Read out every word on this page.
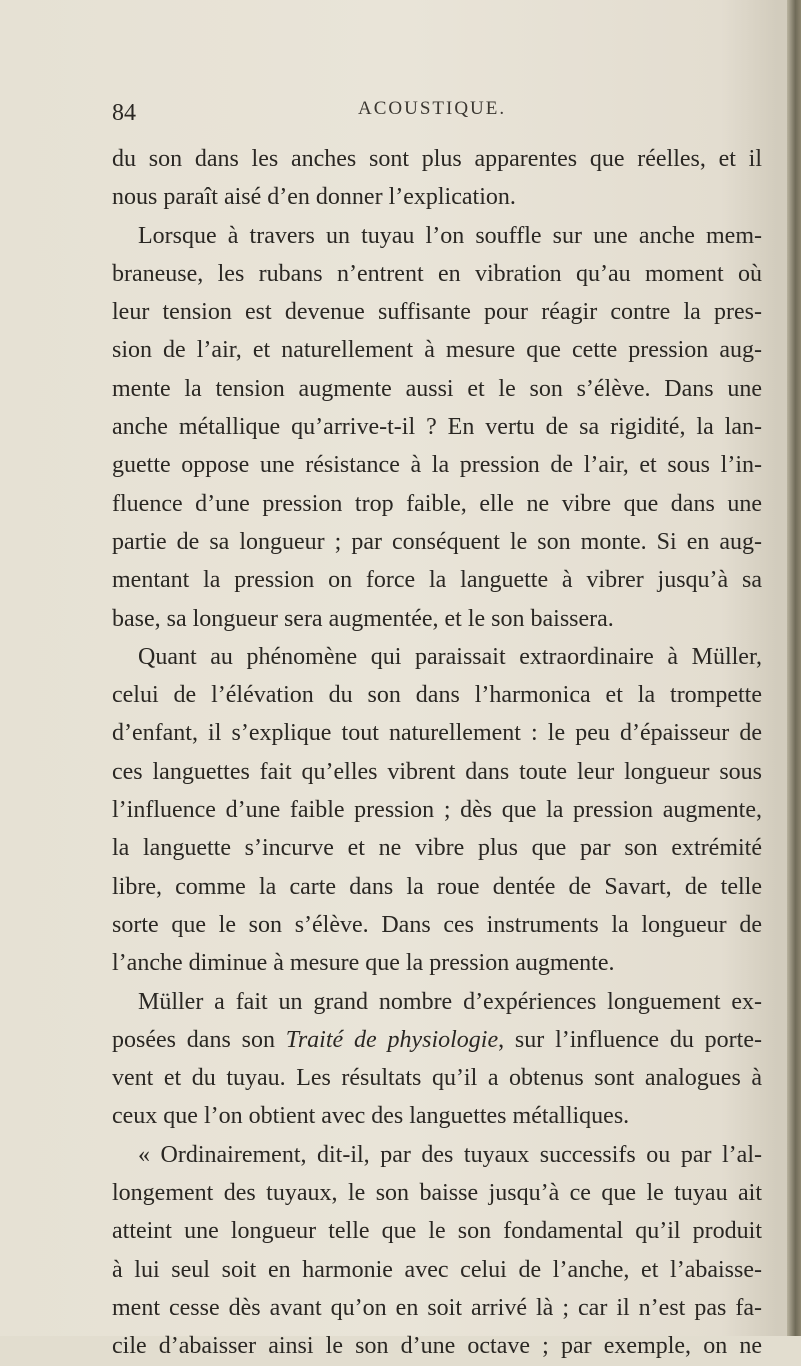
84	ACOUSTIQUE.

du son dans les anches sont plus apparentes que réelles, et il

nous paraît aisé d’en donner l’explication.

Lorsque à travers un tuyau l’on souffle sur une anche mem-

braneuse, les rubans n’entrent en vibration qu’au moment où

leur tension est devenue suffisante pour réagir contre la pres-

sion de l’air, et naturellement à mesure que cette pression aug-

mente la tension augmente aussi et le son s’élève. Dans une

anche métallique qu’arrive-t-il ? En vertu de sa rigidité, la lan-

guette oppose une résistance à la pression de l’air, et sous l’in-

fluence d’une pression trop faible, elle ne vibre que dans une

partie de sa longueur ; par conséquent le son monte. Si en aug-

mentant la pression on force la languette à vibrer jusqu’à sa

base, sa longueur sera augmentée, et le son baissera.

Quant au phénomène qui paraissait extraordinaire à Müller,

celui de l’élévation du son dans l’harmonica et la trompette

d’enfant, il s’explique tout naturellement : le peu d’épaisseur de

ces languettes fait qu’elles vibrent dans toute leur longueur sous

l’influence d’une faible pression ; dès que la pression augmente,

la languette s’incurve et ne vibre plus que par son extrémité

libre, comme la carte dans la roue dentée de Savart, de telle

sorte que le son s’élève. Dans ces instruments la longueur de

l’anche diminue à mesure que la pression augmente.

Müller a fait un grand nombre d’expériences longuement ex-

posées dans son Traité de physiologie, sur l’influence du porte-

vent et du tuyau. Les résultats qu’il a obtenus sont analogues à

ceux que l’on obtient avec des languettes métalliques.

« Ordinairement, dit-il, par des tuyaux successifs ou par l’al-

longement des tuyaux, le son baisse jusqu’à ce que le tuyau ait

atteint une longueur telle que le son fondamental qu’il produit

à lui seul soit en harmonie avec celui de l’anche, et l’abaisse-

ment cesse dès avant qu’on en soit arrivé là ; car il n’est pas fa-

cile d’abaisser ainsi le son d’une octave ; par exemple, on ne
